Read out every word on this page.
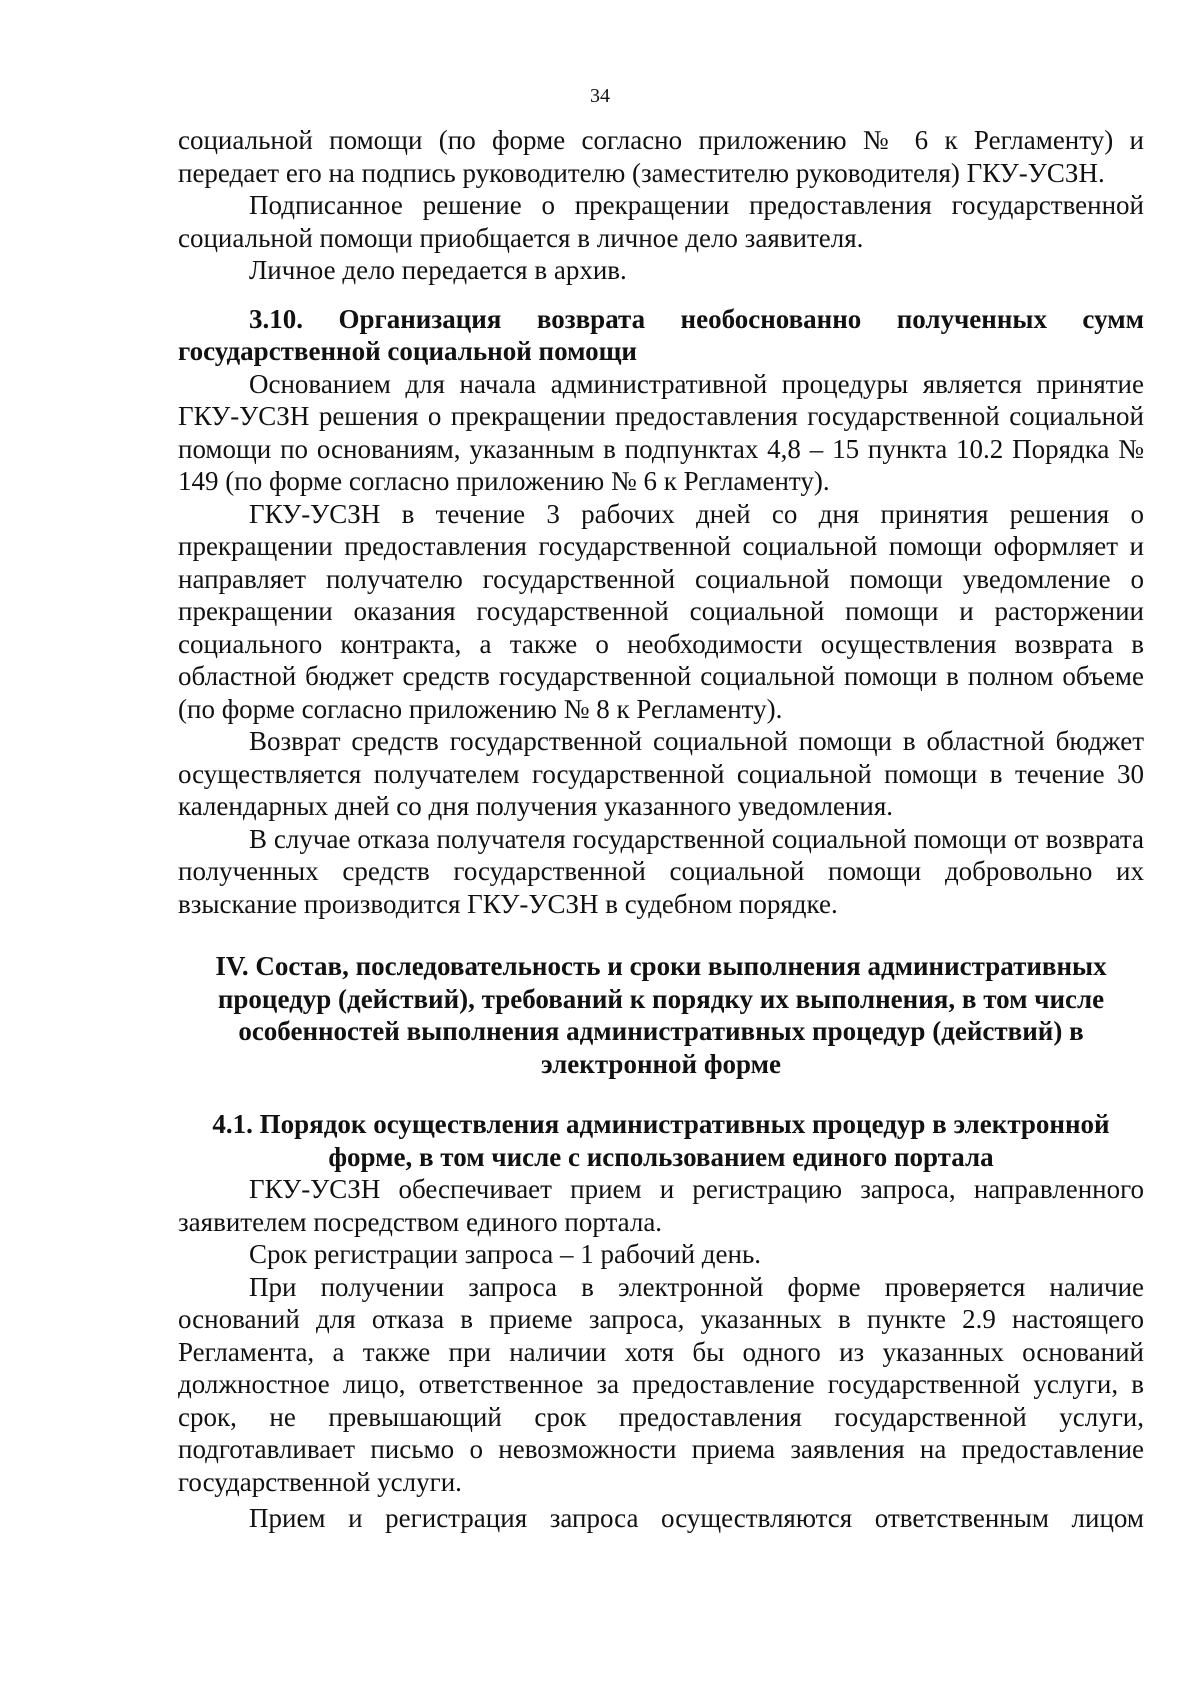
34

социальной помощи (по форме согласно приложению № 6 к Регламенту) и передает его на подпись руководителю (заместителю руководителя) ГКУ-УСЗН.

Подписанное решение о прекращении предоставления государственной социальной помощи приобщается в личное дело заявителя.

Личное дело передается в архив.

3.10. Организация возврата необоснованно полученных сумм государственной социальной помощи

Основанием для начала административной процедуры является принятие ГКУ-УСЗН решения о прекращении предоставления государственной социальной помощи по основаниям, указанным в подпунктах 4,8 – 15 пункта 10.2 Порядка № 149 (по форме согласно приложению № 6 к Регламенту).

ГКУ-УСЗН в течение 3 рабочих дней со дня принятия решения о прекращении предоставления государственной социальной помощи оформляет и направляет получателю государственной социальной помощи уведомление о прекращении оказания государственной социальной помощи и расторжении социального контракта, а также о необходимости осуществления возврата в областной бюджет средств государственной социальной помощи в полном объеме (по форме согласно приложению № 8 к Регламенту).

Возврат средств государственной социальной помощи в областной бюджет осуществляется получателем государственной социальной помощи в течение 30 календарных дней со дня получения указанного уведомления.

В случае отказа получателя государственной социальной помощи от возврата полученных средств государственной социальной помощи добровольно их взыскание производится ГКУ-УСЗН в судебном порядке.

IV. Состав, последовательность и сроки выполнения административных процедур (действий), требований к порядку их выполнения, в том числе особенностей выполнения административных процедур (действий) в электронной форме

4.1. Порядок осуществления административных процедур в электронной форме, в том числе с использованием единого портала

ГКУ-УСЗН обеспечивает прием и регистрацию запроса, направленного заявителем посредством единого портала.

Срок регистрации запроса – 1 рабочий день.

При получении запроса в электронной форме проверяется наличие оснований для отказа в приеме запроса, указанных в пункте 2.9 настоящего Регламента, а также при наличии хотя бы одного из указанных оснований должностное лицо, ответственное за предоставление государственной услуги, в срок, не превышающий срок предоставления государственной услуги, подготавливает письмо о невозможности приема заявления на предоставление государственной услуги.

Прием и регистрация запроса осуществляются ответственным лицом
